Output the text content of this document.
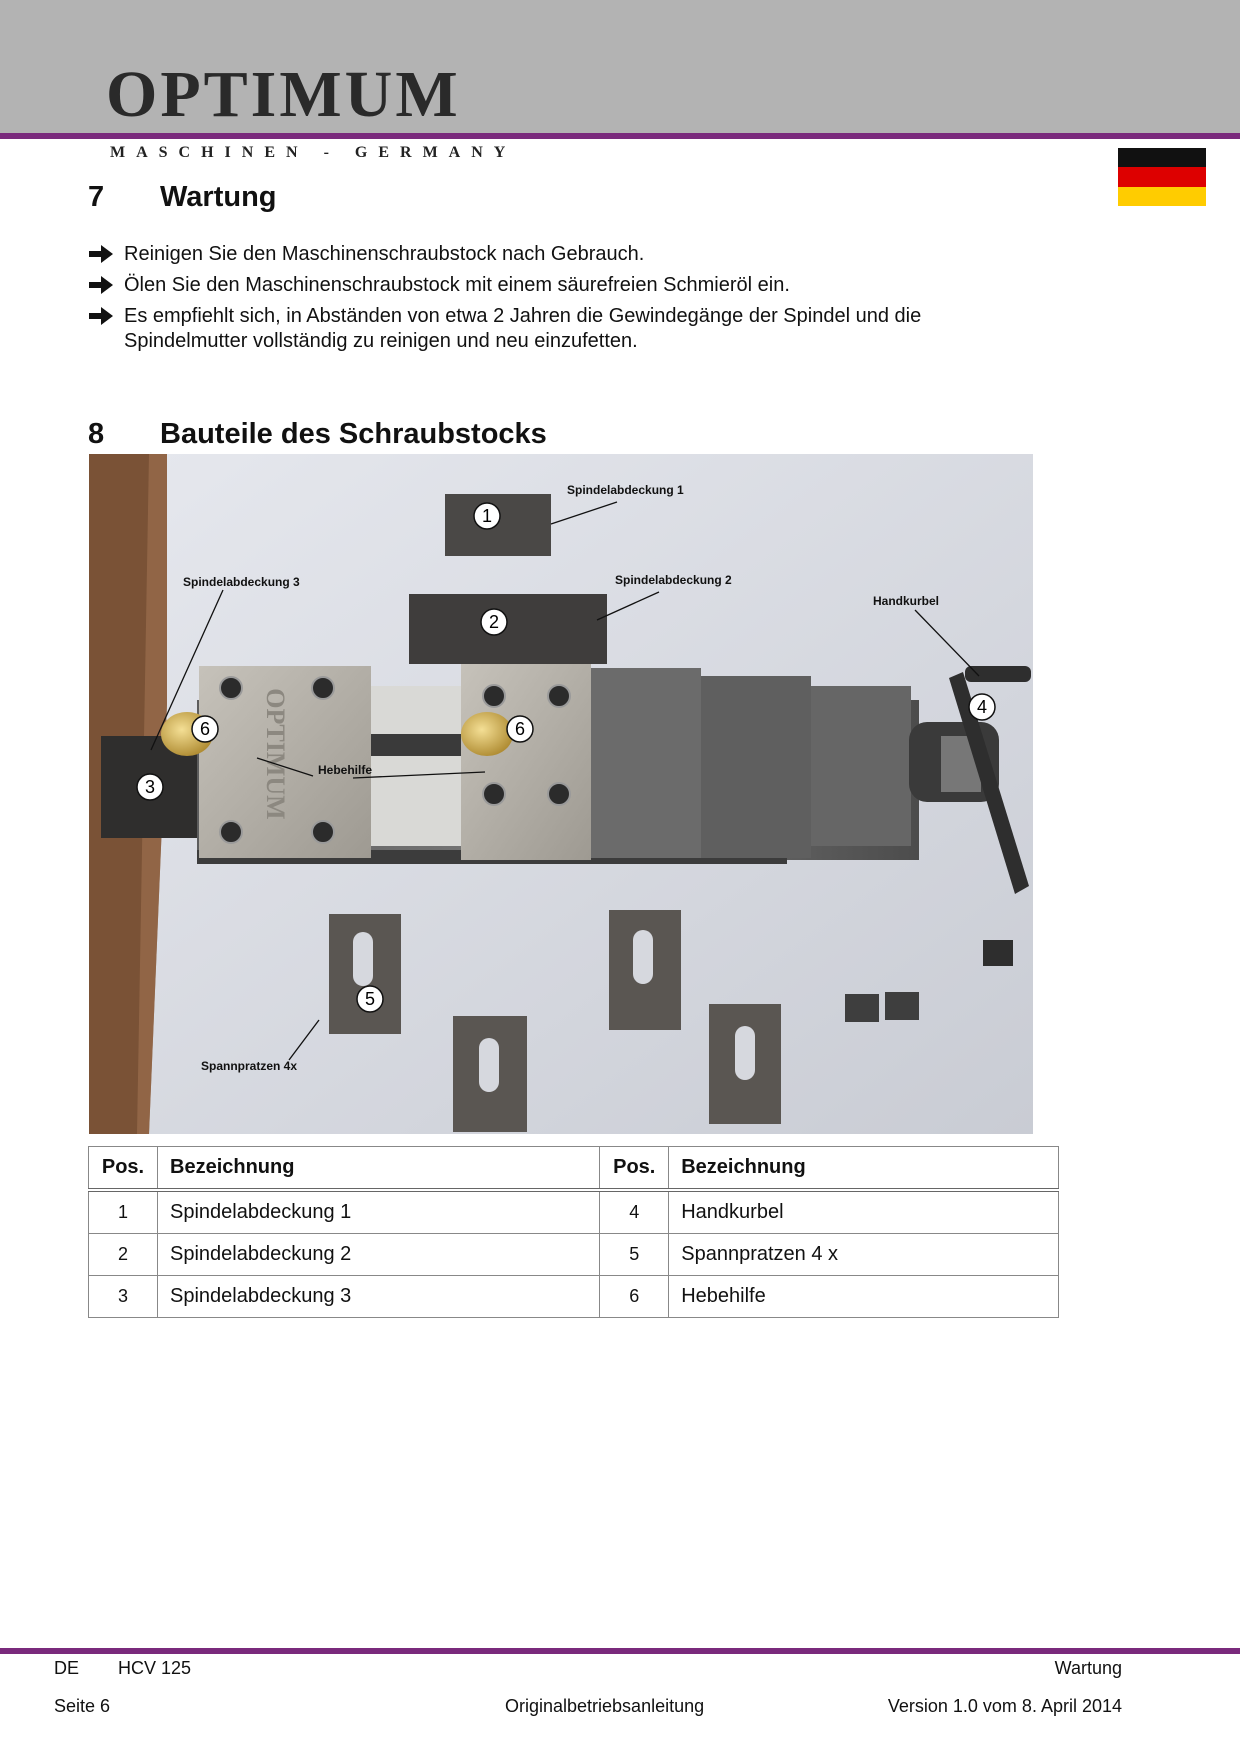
OPTIMUM
MASCHINEN - GERMANY
7 Wartung
Reinigen Sie den Maschinenschraubstock nach Gebrauch.
Ölen Sie den Maschinenschraubstock mit einem säurefreien Schmieröl ein.
Es empfiehlt sich, in Abständen von etwa 2 Jahren die Gewindegänge der Spindel und die Spindelmutter vollständig zu reinigen und neu einzufetten.
8 Bauteile des Schraubstocks
OPTIMUM
Spindelabdeckung 1
Spindelabdeckung 2
Spindelabdeckung 3
Handkurbel
Hebehilfe
Spannpratzen 4x
1
2
3
4
5
6	6
Pos.	Bezeichnung	Pos.	Bezeichnung
1	Spindelabdeckung 1	4	Handkurbel
2	Spindelabdeckung 2	5	Spannpratzen 4 x
3	Spindelabdeckung 3	6	Hebehilfe
DE HCV 125	Wartung
Seite 6	Originalbetriebsanleitung	Version 1.0 vom 8. April 2014
